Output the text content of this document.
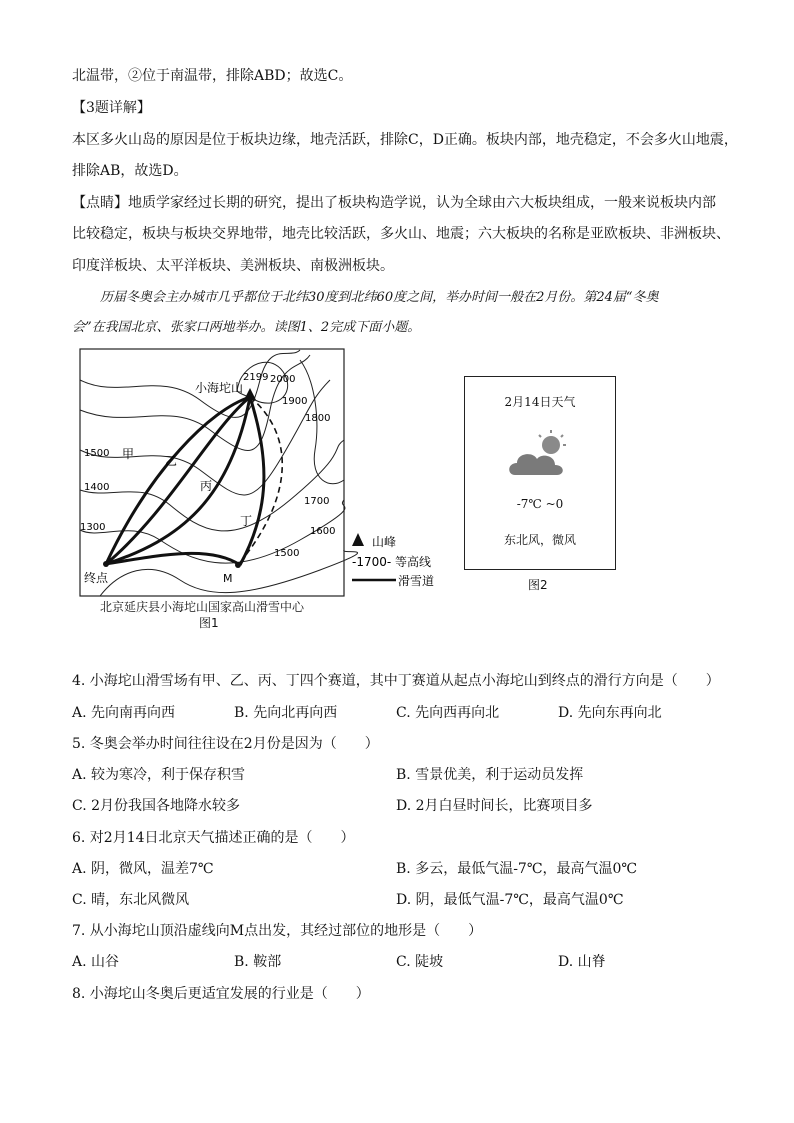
北温带，②位于南温带，排除ABD；故选C。
【3题详解】
本区多火山岛的原因是位于板块边缘，地壳活跃，排除C，D正确。板块内部，地壳稳定，不会多火山地震，
排除AB，故选D。
【点睛】地质学家经过长期的研究，提出了板块构造学说，认为全球由六大板块组成，一般来说板块内部
比较稳定，板块与板块交界地带，地壳比较活跃，多火山、地震；六大板块的名称是亚欧板块、非洲板块、
印度洋板块、太平洋板块、美洲板块、南极洲板块。
历届冬奥会主办城市几乎都位于北纬30度到北纬60度之间，举办时间一般在2月份。第24届“冬奥
会”在我国北京、张家口两地举办。读图1、2完成下面小题。
小海坨山
2199 2000
1900
1800
1700
1600
1500
1500
1400
1300
甲	乙
丙
丁
终点	M
山峰
-1700- 等高线
滑雪道
北京延庆县小海坨山国家高山滑雪中心
图1
2月14日天气
-7℃ ~0
东北风，微风
图2
4. 小海坨山滑雪场有甲、乙、丙、丁四个赛道，其中丁赛道从起点小海坨山到终点的滑行方向是（　　）
A. 先向南再向西	B. 先向北再向西	C. 先向西再向北	D. 先向东再向北
5. 冬奥会举办时间往往设在2月份是因为（　　）
A. 较为寒冷，利于保存积雪	B. 雪景优美，利于运动员发挥
C. 2月份我国各地降水较多	D. 2月白昼时间长，比赛项目多
6. 对2月14日北京天气描述正确的是（　　）
A. 阴，微风，温差7℃	B. 多云，最低气温-7℃，最高气温0℃
C. 晴，东北风微风	D. 阴，最低气温-7℃，最高气温0℃
7. 从小海坨山顶沿虚线向M点出发，其经过部位的地形是（　　）
A. 山谷	B. 鞍部	C. 陡坡	D. 山脊
8. 小海坨山冬奥后更适宜发展的行业是（　　）
